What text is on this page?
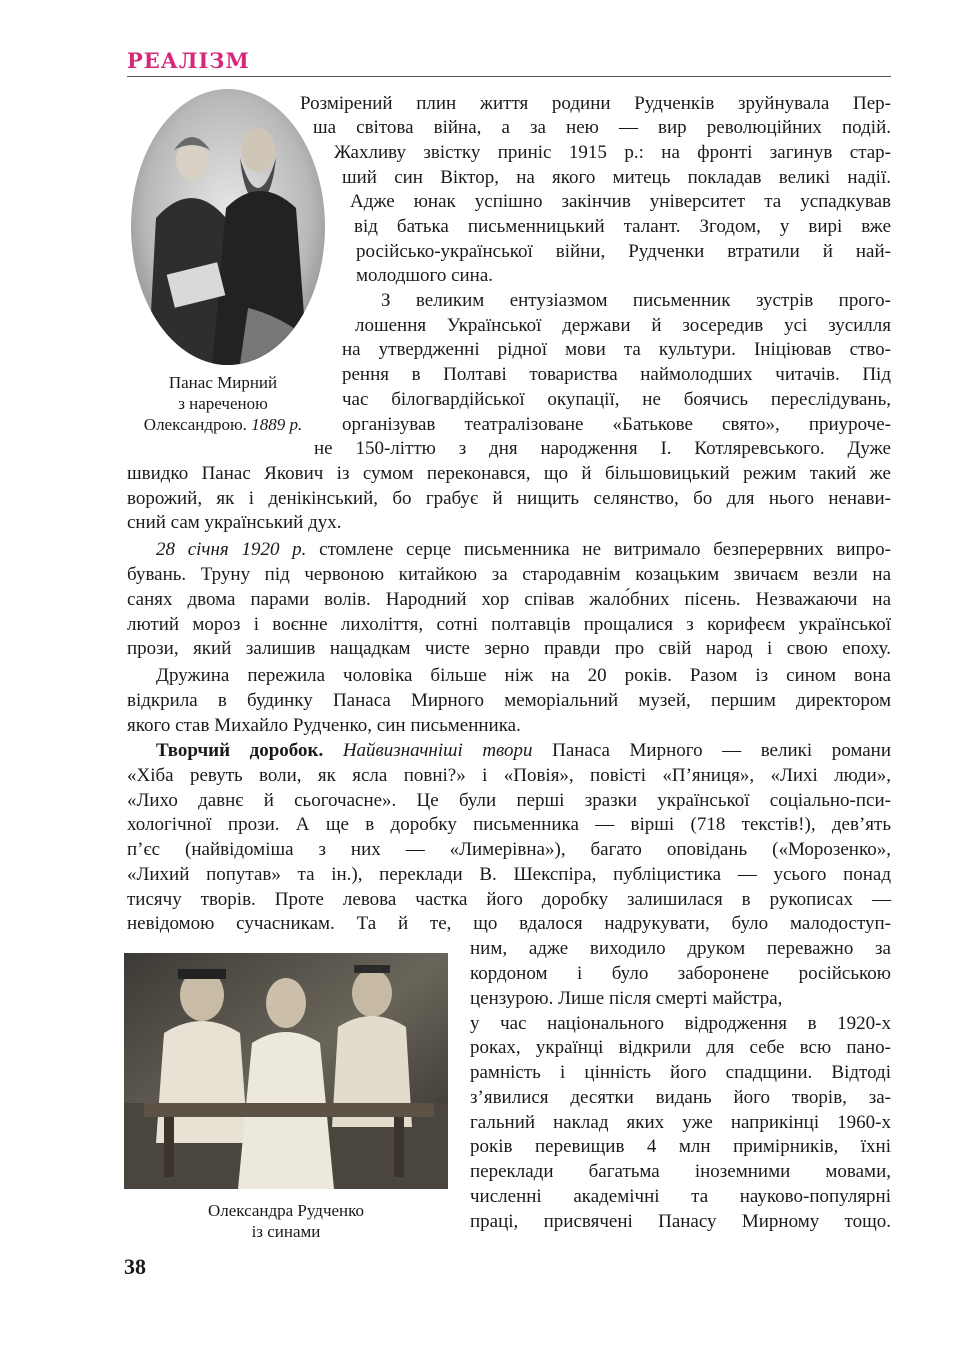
РЕАЛІЗМ
Панас Мирний
з нареченою
Олександрою. 1889 р.
Олександра Рудченко
із синами
Розмірений плин життя родини Рудченків зруйнувала Пер-
ша світова війна, а за нею — вир революційних подій.
Жахливу звістку приніс 1915 р.: на фронті загинув стар-
ший син Віктор, на якого митець покладав великі надії.
Адже юнак успішно закінчив університет та успадкував
від батька письменницький талант. Згодом, у вирі вже
російсько-української війни, Рудченки втратили й най-
молодшого сина.
З великим ентузіазмом письменник зустрів прого-
лошення Української держави й зосередив усі зусилля
на утвердженні рідної мови та культури. Ініціював ство-
рення в Полтаві товариства наймолодших читачів. Під
час білогвардійської окупації, не боячись переслідувань,
організував театралізоване «Батькове свято», приуроче-
не 150-літтю з дня народження І. Котляревського. Дуже
швидко Панас Якович із сумом переконався, що й більшовицький режим такий же
ворожий, як і денікінський, бо грабує й нищить селянство, бо для нього ненави-
сний сам український дух.
28 січня 1920 р. стомлене серце письменника не витримало безперервних випро-
бувань. Труну під червоною китайкою за стародавнім козацьким звичаєм везли на
санях двома парами волів. Народний хор співав жало́бних пісень. Незважаючи на
лютий мороз і воєнне лихоліття, сотні полтавців прощалися з корифеєм української
прози, який залишив нащадкам чисте зерно правди про свій народ і свою епоху.
Дружина пережила чоловіка більше ніж на 20 років. Разом із сином вона
відкрила в будинку Панаса Мирного меморіальний музей, першим директором
якого став Михайло Рудченко, син письменника.
Творчий доробок. Найвизначніші твори Панаса Мирного — великі романи
«Хіба ревуть воли, як ясла повні?» і «Повія», повісті «П’яниця», «Лихі люди»,
«Лихо давнє й сьогочасне». Це були перші зразки української соціально-пси-
хологічної прози. А ще в доробку письменника — вірші (718 текстів!), дев’ять
п’єс (найвідоміша з них — «Лимерівна»), багато оповідань («Морозенко»,
«Лихий попутав» та ін.), переклади В. Шекспіра, публіцистика — усього понад
тисячу творів. Проте левова частка його доробку залишилася в рукописах —
невідомою сучасникам. Та й те, що вдалося надрукувати, було малодоступ-
ним, адже виходило друком переважно за
кордоном і було заборонене російською
цензурою. Лише після смерті майстра,
у час національного відродження в 1920-х
роках, українці відкрили для себе всю пано-
рамність і цінність його спадщини. Відтоді
з’явилися десятки видань його творів, за-
гальний наклад яких уже наприкінці 1960-х
років перевищив 4 млн примірників, їхні
переклади багатьма іноземними мовами,
численні академічні та науково-популярні
праці, присвячені Панасу Мирному тощо.
38
